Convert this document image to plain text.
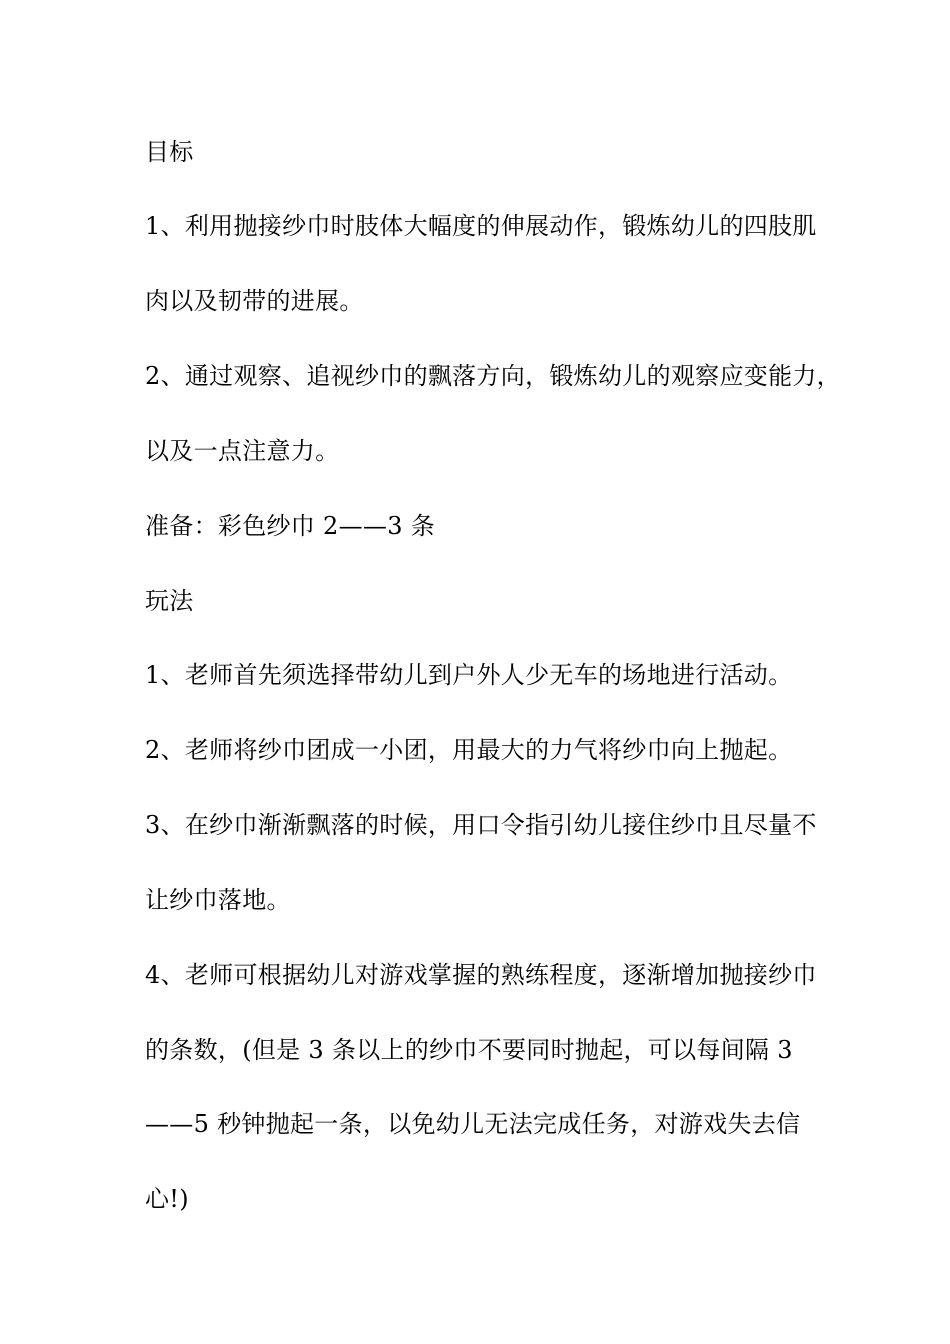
目标
1、利用抛接纱巾时肢体大幅度的伸展动作，锻炼幼儿的四肢肌
肉以及韧带的进展。
2、通过观察、追视纱巾的飘落方向，锻炼幼儿的观察应变能力，
以及一点注意力。
准备：彩色纱巾 2——3 条
玩法
1、老师首先须选择带幼儿到户外人少无车的场地进行活动。
2、老师将纱巾团成一小团，用最大的力气将纱巾向上抛起。
3、在纱巾渐渐飘落的时候，用口令指引幼儿接住纱巾且尽量不
让纱巾落地。
4、老师可根据幼儿对游戏掌握的熟练程度，逐渐增加抛接纱巾
的条数，(但是 3 条以上的纱巾不要同时抛起，可以每间隔 3
——5 秒钟抛起一条，以免幼儿无法完成任务，对游戏失去信
心!)
